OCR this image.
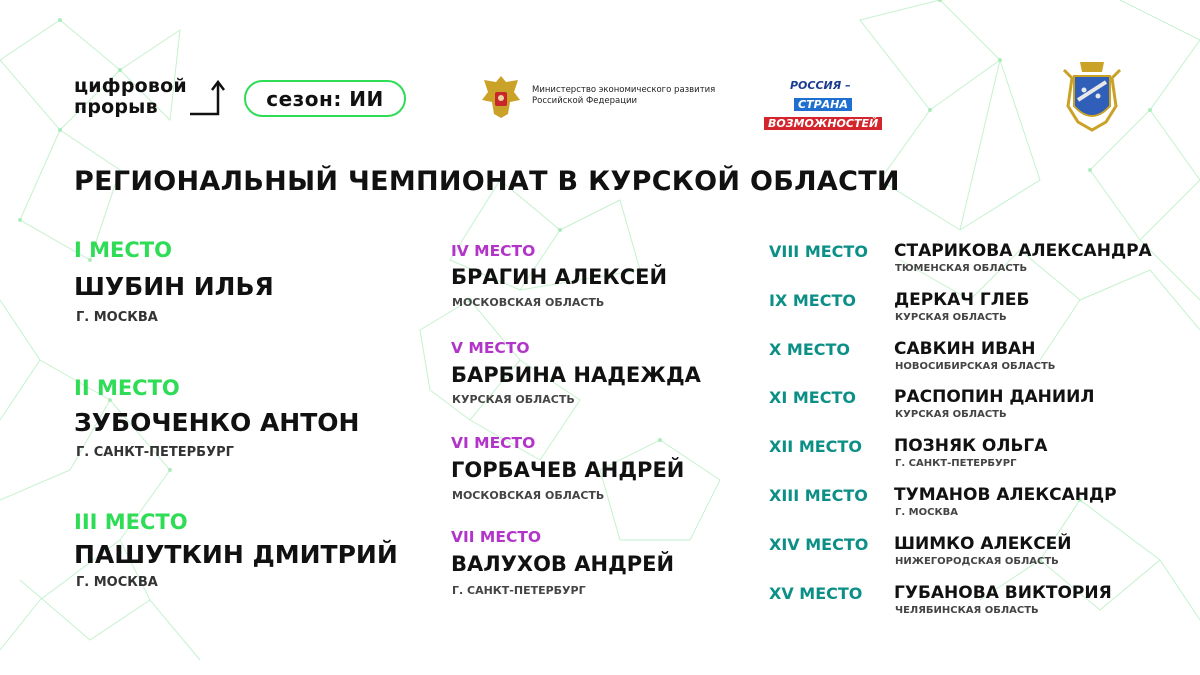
цифровой
прорыв	сезон: ИИ	Министерство экономического развития
Российской Федерации
РОССИЯ –
СТРАНА
ВОЗМОЖНОСТЕЙ
РЕГИОНАЛЬНЫЙ ЧЕМПИОНАТ В КУРСКОЙ ОБЛАСТИ
I МЕСТО
ШУБИН ИЛЬЯ
Г. МОСКВА
II МЕСТО
ЗУБОЧЕНКО АНТОН
Г. САНКТ-ПЕТЕРБУРГ
III МЕСТО
ПАШУТКИН ДМИТРИЙ
Г. МОСКВА
IV МЕСТО
БРАГИН АЛЕКСЕЙ
МОСКОВСКАЯ ОБЛАСТЬ
V МЕСТО
БАРБИНА НАДЕЖДА
КУРСКАЯ ОБЛАСТЬ
VI МЕСТО
ГОРБАЧЕВ АНДРЕЙ
МОСКОВСКАЯ ОБЛАСТЬ
VII МЕСТО
ВАЛУХОВ АНДРЕЙ
Г. САНКТ-ПЕТЕРБУРГ
VIII МЕСТО СТАРИКОВА АЛЕКСАНДРА
ТЮМЕНСКАЯ ОБЛАСТЬ
IX МЕСТО ДЕРКАЧ ГЛЕБ
КУРСКАЯ ОБЛАСТЬ
X МЕСТО	САВКИН ИВАН
НОВОСИБИРСКАЯ ОБЛАСТЬ
XI МЕСТО РАСПОПИН ДАНИИЛ
КУРСКАЯ ОБЛАСТЬ
XII МЕСТО ПОЗНЯК ОЛЬГА
Г. САНКТ-ПЕТЕРБУРГ
XIII МЕСТО ТУМАНОВ АЛЕКСАНДР
Г. МОСКВА
XIV МЕСТО ШИМКО АЛЕКСЕЙ
НИЖЕГОРОДСКАЯ ОБЛАСТЬ
XV МЕСТО ГУБАНОВА ВИКТОРИЯ
ЧЕЛЯБИНСКАЯ ОБЛАСТЬ
